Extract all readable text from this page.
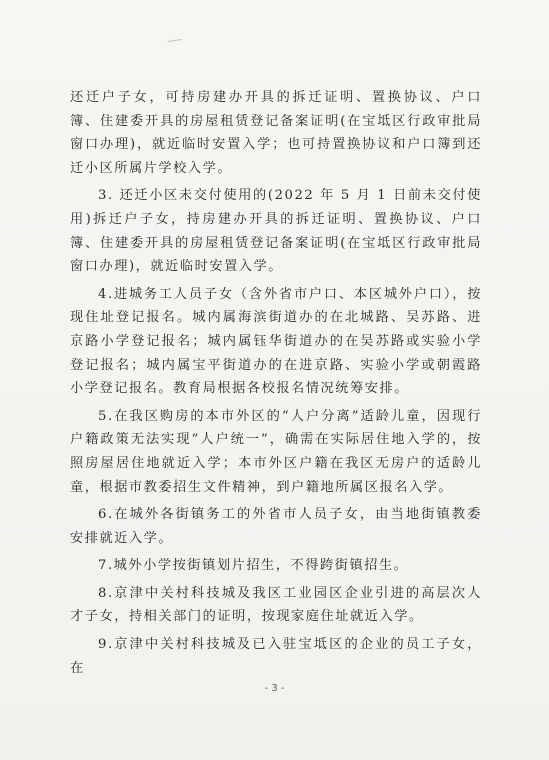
还迁户子女，可持房建办开具的拆迁证明、置换协议、户口簿、住建委开具的房屋租赁登记备案证明(在宝坻区行政审批局窗口办理)，就近临时安置入学；也可持置换协议和户口簿到还迁小区所属片学校入学。

3. 还迁小区未交付使用的(2022 年 5 月 1 日前未交付使用)拆迁户子女，持房建办开具的拆迁证明、置换协议、户口簿、住建委开具的房屋租赁登记备案证明(在宝坻区行政审批局窗口办理)，就近临时安置入学。

4.进城务工人员子女（含外省市户口、本区城外户口），按现住址登记报名。城内属海滨街道办的在北城路、吴苏路、进京路小学登记报名；城内属钰华街道办的在吴苏路或实验小学登记报名；城内属宝平街道办的在进京路、实验小学或朝霞路小学登记报名。教育局根据各校报名情况统筹安排。

5.在我区购房的本市外区的“人户分离”适龄儿童，因现行户籍政策无法实现“人户统一”，确需在实际居住地入学的，按照房屋居住地就近入学；本市外区户籍在我区无房户的适龄儿童，根据市教委招生文件精神，到户籍地所属区报名入学。

6.在城外各街镇务工的外省市人员子女，由当地街镇教委安排就近入学。

7.城外小学按街镇划片招生，不得跨街镇招生。

8.京津中关村科技城及我区工业园区企业引进的高层次人才子女，持相关部门的证明，按现家庭住址就近入学。

9.京津中关村科技城及已入驻宝坻区的企业的员工子女，在

- 3 -
